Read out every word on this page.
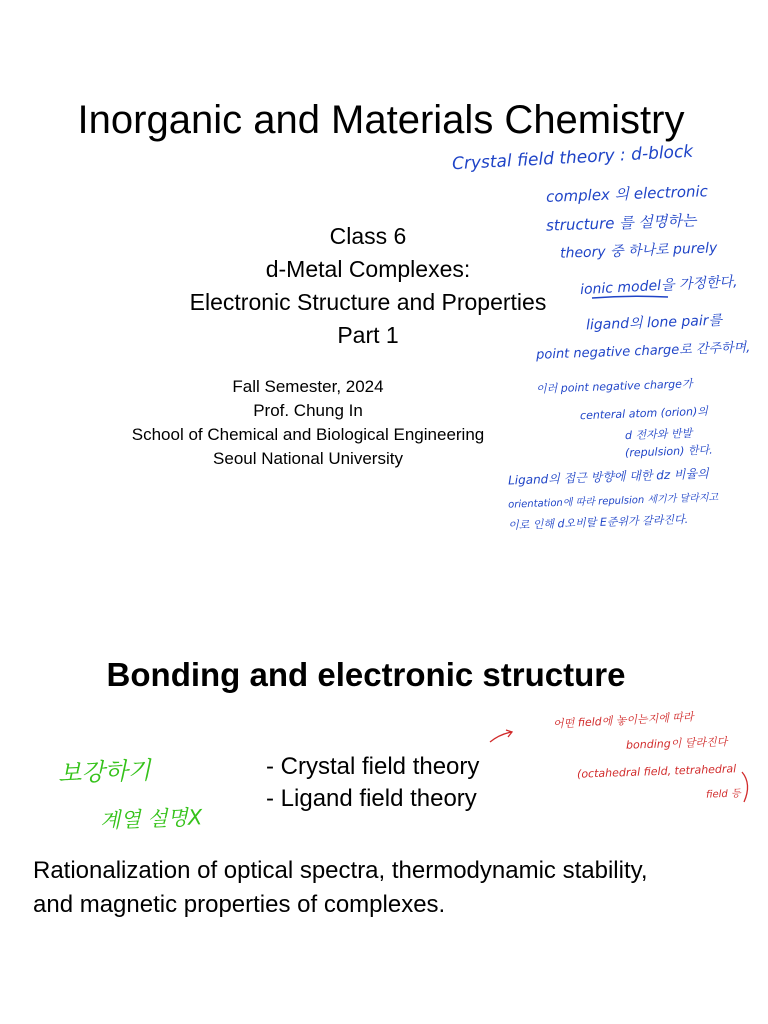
Inorganic and Materials Chemistry
Class 6
d-Metal Complexes:
Electronic Structure and Properties
Part 1
Fall Semester, 2024
Prof. Chung In
School of Chemical and Biological Engineering
Seoul National University
Crystal field theory : d-block
complex 의 electronic
structure 를 설명하는
theory 중 하나로 purely
ionic model을 가정한다,
ligand의 lone pair를
point negative charge로 간주하며,
이러 point negative charge가
centeral atom (orion)의
d 전자와 반발
(repulsion) 한다.
Ligand의 접근 방향에 대한 dz 비율의
orientation에 따라 repulsion 세기가 달라지고
이로 인해 d오비탈 E준위가 갈라진다.
Bonding and electronic structure
- Crystal field theory
- Ligand field theory
Rationalization of optical spectra, thermodynamic stability,
and magnetic properties of complexes.
어떤 field에 놓이는지에 따라
bonding이 달라진다
(octahedral field, tetrahedral
field 등
보강하기
계열 설명X
